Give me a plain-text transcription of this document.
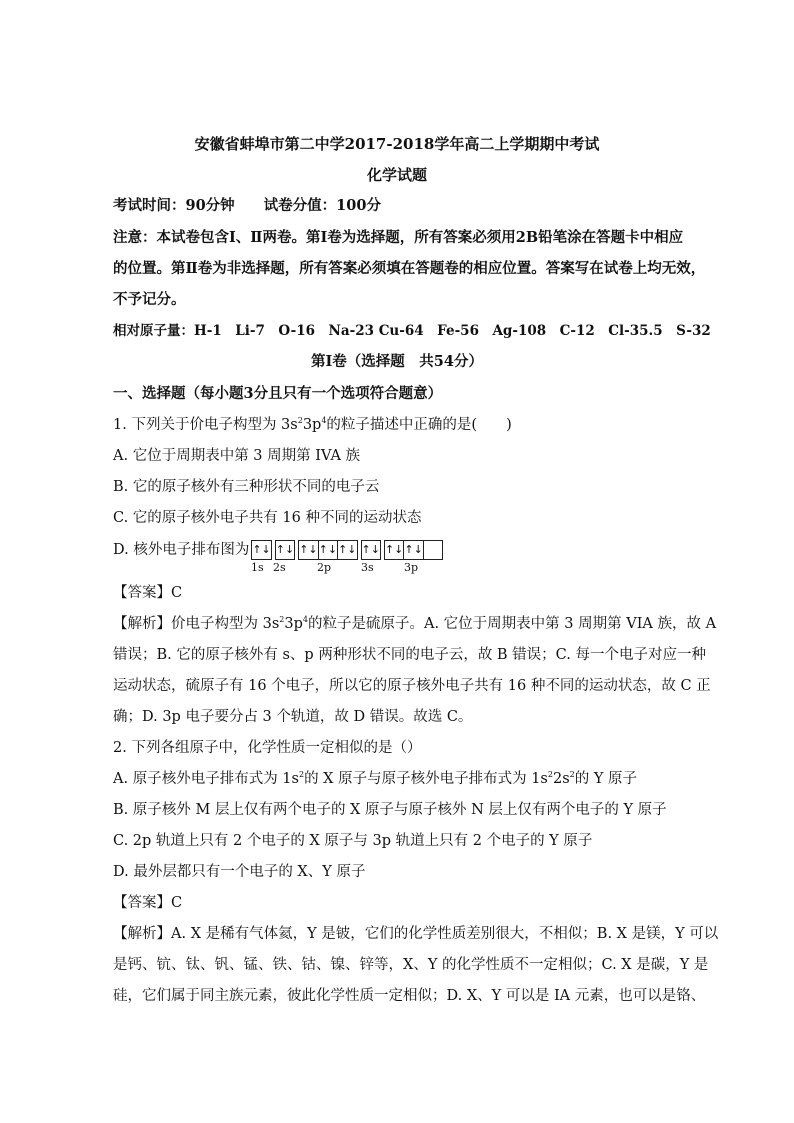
安徽省蚌埠市第二中学2017-2018学年高二上学期期中考试
化学试题
考试时间：90分钟　　试卷分值：100分
注意：本试卷包含Ⅰ、Ⅱ两卷。第Ⅰ卷为选择题，所有答案必须用2B铅笔涂在答题卡中相应
的位置。第Ⅱ卷为非选择题，所有答案必须填在答题卷的相应位置。答案写在试卷上均无效，
不予记分。
相对原子量：H-1　Li-7　O-16　Na-23 Cu-64　Fe-56　Ag-108　C-12　Cl-35.5　S-32
第Ⅰ卷（选择题　共54分）
一、选择题（每小题3分且只有一个选项符合题意）
1. 下列关于价电子构型为 $3s^23p^4$的粒子描述中正确的是(　　)
A. 它位于周期表中第 3 周期第 IVA 族
B. 它的原子核外有三种形状不同的电子云
C. 它的原子核外电子共有 16 种不同的运动状态
D. 核外电子排布图为 ↑↓		↑↓		↑↓	↑↓	↑↓		↑↓		↑↓	↑↓	
1s 2s	2p	3s	3p
【答案】C
【解析】价电子构型为 $3s^23p^4$的粒子是硫原子。A. 它位于周期表中第 3 周期第 VIA 族，故 A
错误；B. 它的原子核外有 s、p 两种形状不同的电子云，故 B 错误；C. 每一个电子对应一种
运动状态，硫原子有 16 个电子，所以它的原子核外电子共有 16 种不同的运动状态，故 C 正
确；D. 3p 电子要分占 3 个轨道，故 D 错误。故选 C。
2. 下列各组原子中，化学性质一定相似的是（）
A. 原子核外电子排布式为 $1s^2$的 X 原子与原子核外电子排布式为 $1s^22s^2$的 Y 原子
B. 原子核外 M 层上仅有两个电子的 X 原子与原子核外 N 层上仅有两个电子的 Y 原子
C. 2p 轨道上只有 2 个电子的 X 原子与 3p 轨道上只有 2 个电子的 Y 原子
D. 最外层都只有一个电子的 X、Y 原子
【答案】C
【解析】A. X 是稀有气体氦，Y 是铍，它们的化学性质差别很大，不相似；B. X 是镁，Y 可以
是钙、钪、钛、钒、锰、铁、钴、镍、锌等，X、Y 的化学性质不一定相似；C. X 是碳，Y 是
硅，它们属于同主族元素，彼此化学性质一定相似；D. X、Y 可以是 IA 元素，也可以是铬、
